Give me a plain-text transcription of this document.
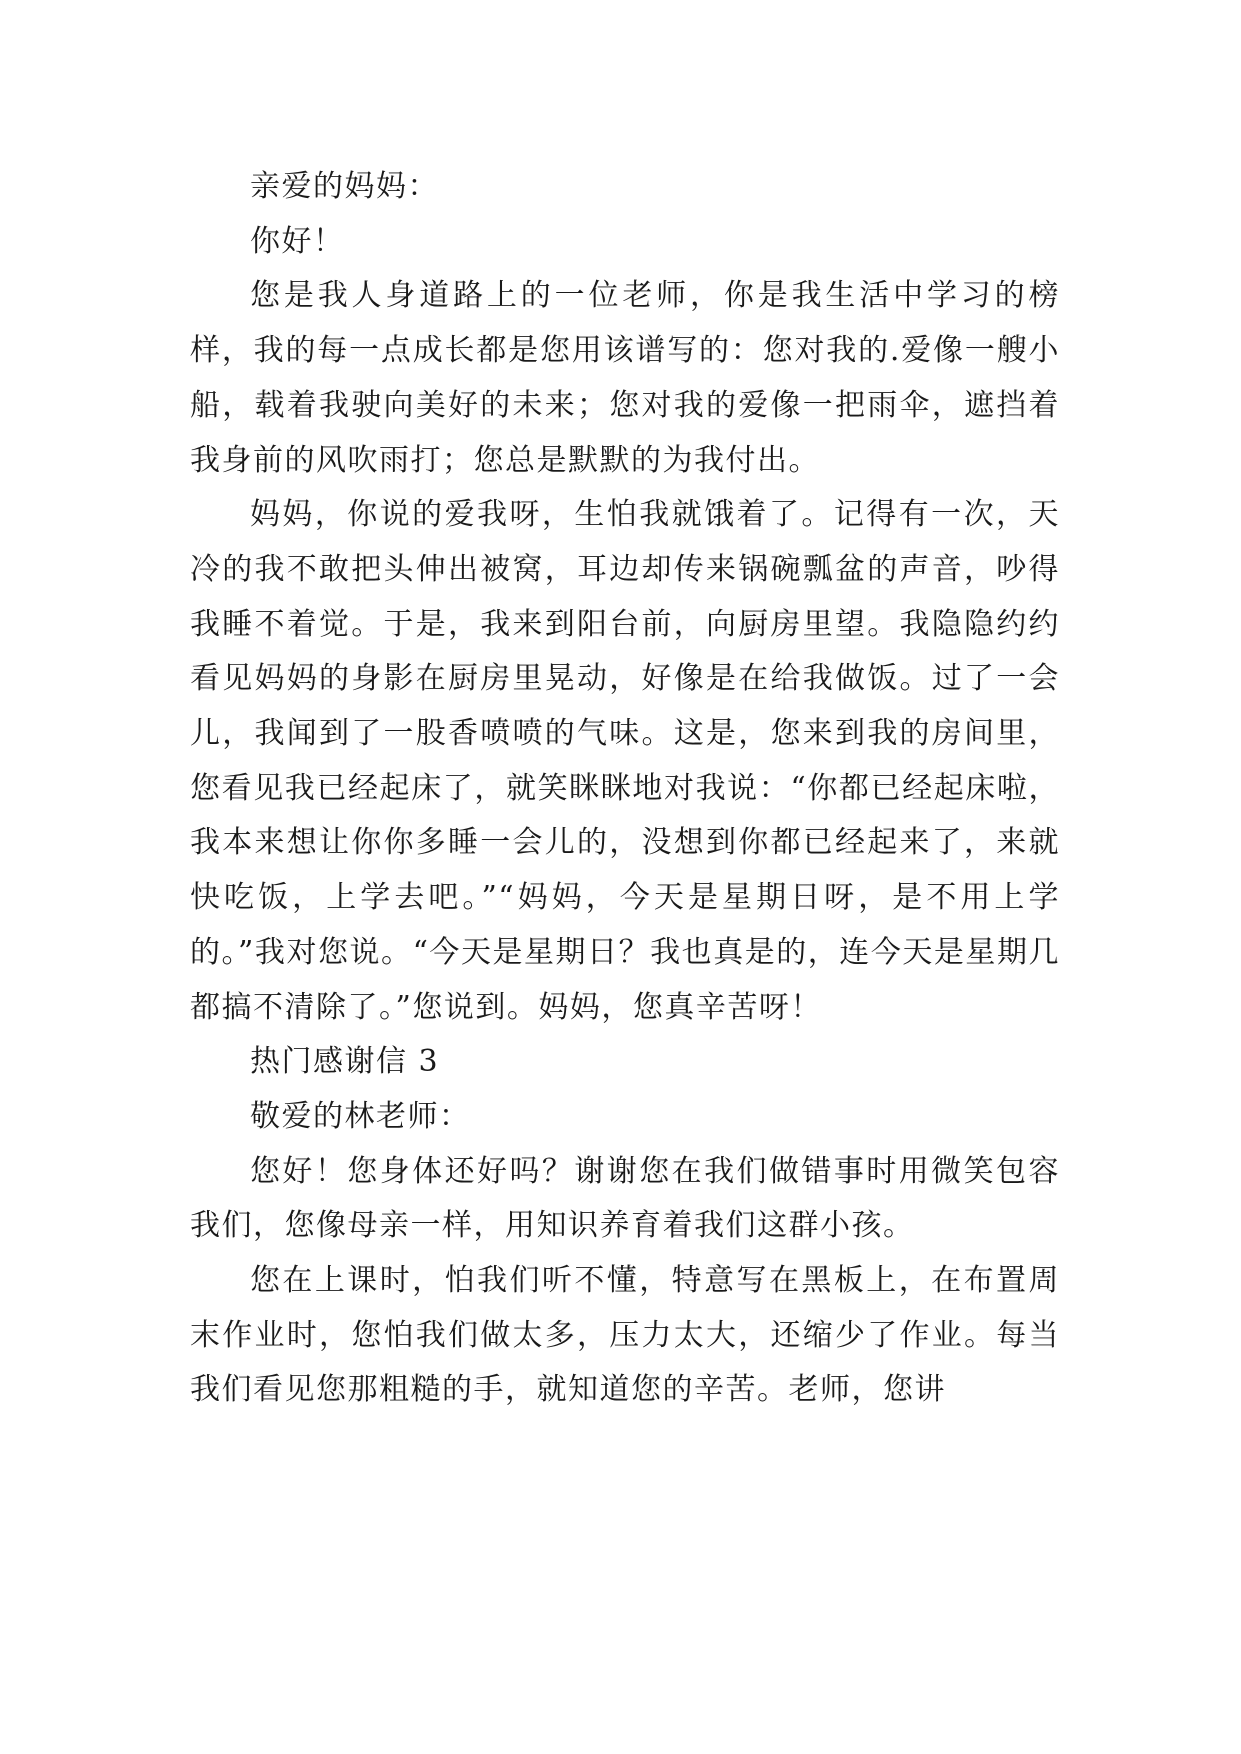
亲爱的妈妈：

你好！

您是我人身道路上的一位老师，你是我生活中学习的榜样，我的每一点成长都是您用该谱写的：您对我的.爱像一艘小船，载着我驶向美好的未来；您对我的爱像一把雨伞，遮挡着我身前的风吹雨打；您总是默默的为我付出。

妈妈，你说的爱我呀，生怕我就饿着了。记得有一次，天冷的我不敢把头伸出被窝，耳边却传来锅碗瓢盆的声音，吵得我睡不着觉。于是，我来到阳台前，向厨房里望。我隐隐约约看见妈妈的身影在厨房里晃动，好像是在给我做饭。过了一会儿，我闻到了一股香喷喷的气味。这是，您来到我的房间里，您看见我已经起床了，就笑眯眯地对我说：“你都已经起床啦，我本来想让你你多睡一会儿的，没想到你都已经起来了，来就快吃饭，上学去吧。”“妈妈，今天是星期日呀，是不用上学的。”我对您说。“今天是星期日？我也真是的，连今天是星期几都搞不清除了。”您说到。妈妈，您真辛苦呀！

热门感谢信 3

敬爱的林老师：

您好！您身体还好吗？谢谢您在我们做错事时用微笑包容我们，您像母亲一样，用知识养育着我们这群小孩。

您在上课时，怕我们听不懂，特意写在黑板上，在布置周末作业时，您怕我们做太多，压力太大，还缩少了作业。每当我们看见您那粗糙的手，就知道您的辛苦。老师，您讲
